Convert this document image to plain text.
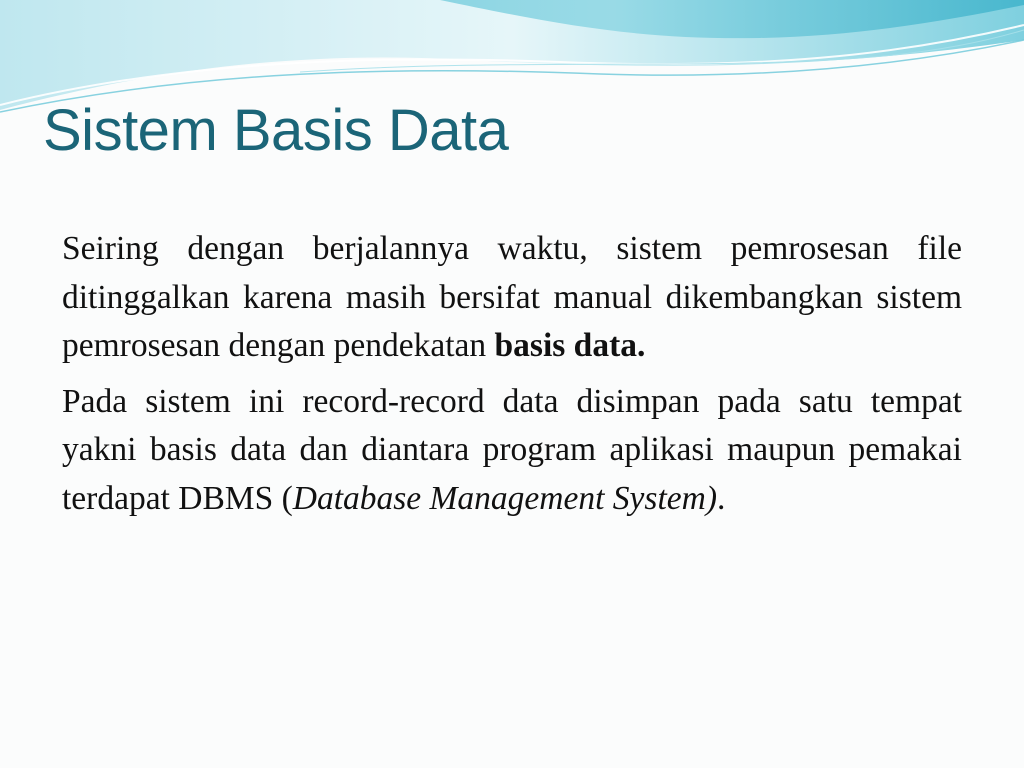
Sistem Basis Data

Seiring dengan berjalannya waktu, sistem pemrosesan file ditinggalkan karena masih bersifat manual dikembangkan sistem pemrosesan dengan pendekatan basis data.

Pada sistem ini record-record data disimpan pada satu tempat yakni basis data dan diantara program aplikasi maupun pemakai terdapat DBMS (Database Management System).
